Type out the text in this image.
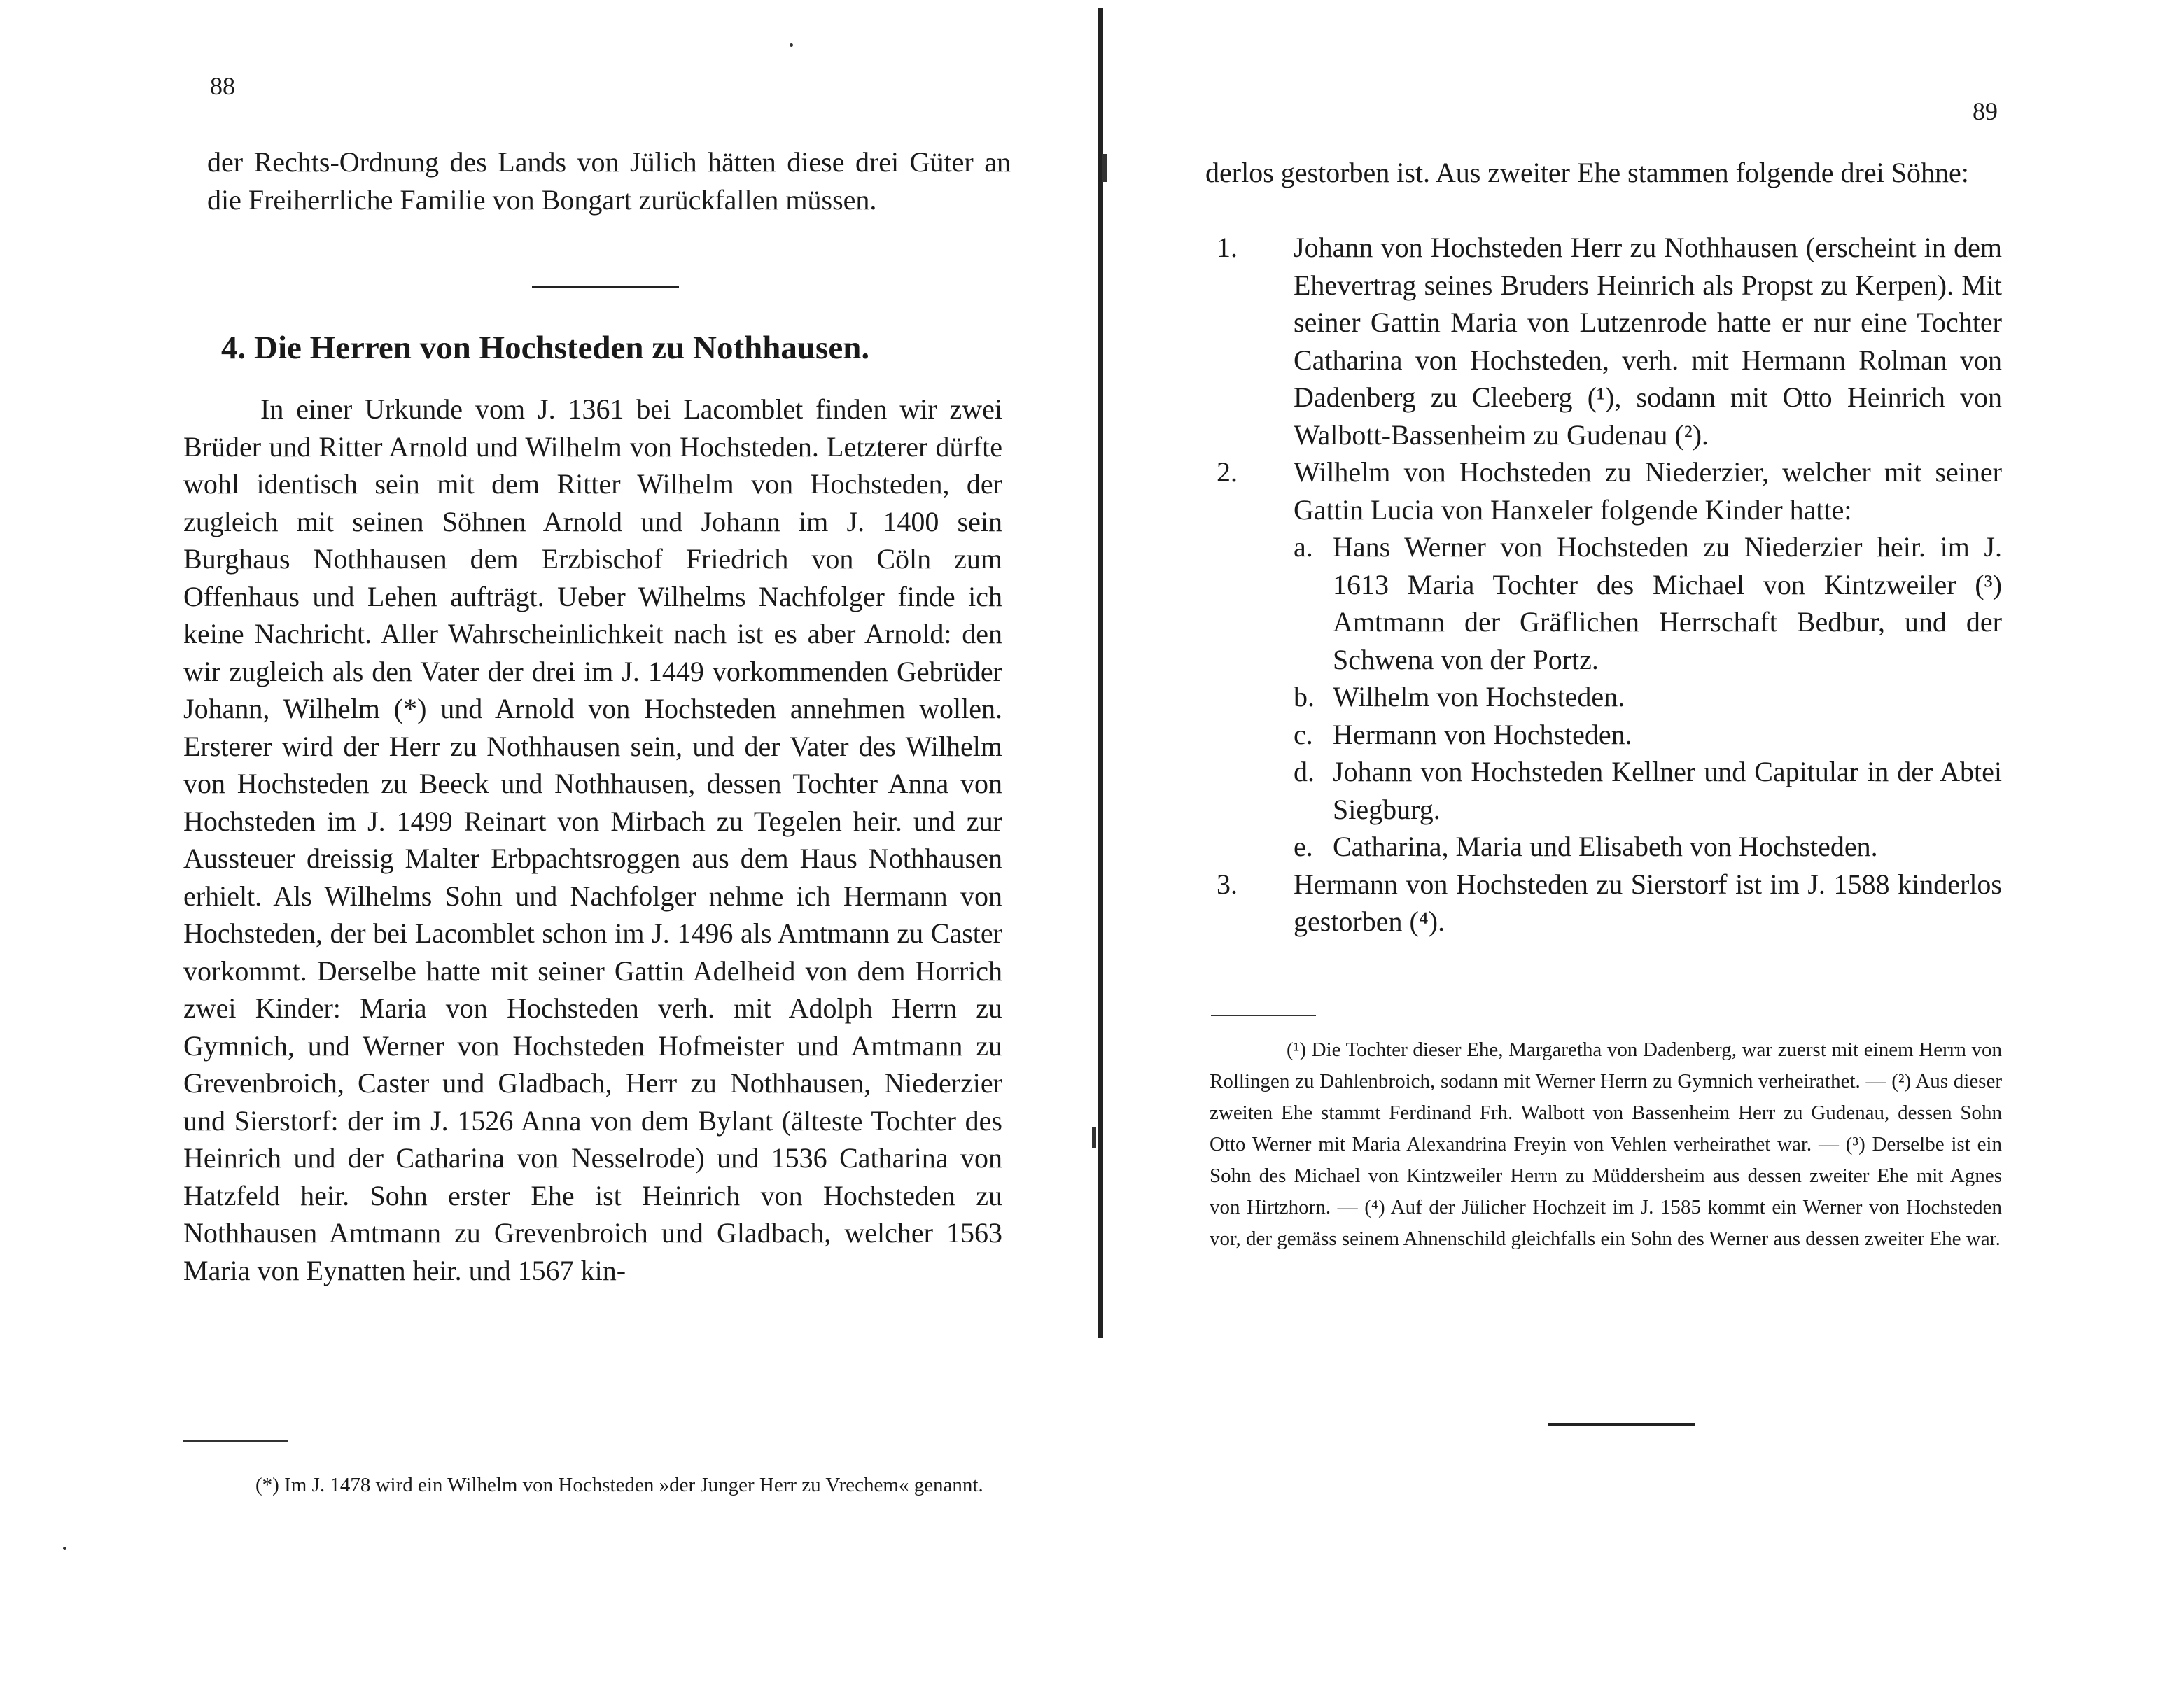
88

der Rechts-Ordnung des Lands von Jülich hätten diese drei Güter an die Freiherrliche Familie von Bongart zurückfallen müssen.

4. Die Herren von Hochsteden zu Nothhausen.

In einer Urkunde vom J. 1361 bei Lacomblet finden wir zwei Brüder und Ritter Arnold und Wilhelm von Hochsteden. Letzterer dürfte wohl identisch sein mit dem Ritter Wilhelm von Hochsteden, der zugleich mit seinen Söhnen Arnold und Johann im J. 1400 sein Burghaus Nothhausen dem Erzbischof Friedrich von Cöln zum Offenhaus und Lehen aufträgt. Ueber Wilhelms Nachfolger finde ich keine Nachricht. Aller Wahrscheinlichkeit nach ist es aber Arnold: den wir zugleich als den Vater der drei im J. 1449 vorkommenden Gebrüder Johann, Wilhelm (*) und Arnold von Hochsteden annehmen wollen. Ersterer wird der Herr zu Nothhausen sein, und der Vater des Wilhelm von Hochsteden zu Beeck und Nothhausen, dessen Tochter Anna von Hochsteden im J. 1499 Reinart von Mirbach zu Tegelen heir. und zur Aussteuer dreissig Malter Erbpachtsroggen aus dem Haus Nothhausen erhielt. Als Wilhelms Sohn und Nachfolger nehme ich Hermann von Hochsteden, der bei Lacomblet schon im J. 1496 als Amtmann zu Caster vorkommt. Derselbe hatte mit seiner Gattin Adelheid von dem Horrich zwei Kinder: Maria von Hochsteden verh. mit Adolph Herrn zu Gymnich, und Werner von Hochsteden Hofmeister und Amtmann zu Grevenbroich, Caster und Gladbach, Herr zu Nothhausen, Niederzier und Sierstorf: der im J. 1526 Anna von dem Bylant (älteste Tochter des Heinrich und der Catharina von Nesselrode) und 1536 Catharina von Hatzfeld heir. Sohn erster Ehe ist Heinrich von Hochsteden zu Nothhausen Amtmann zu Grevenbroich und Gladbach, welcher 1563 Maria von Eynatten heir. und 1567 kin-

(*) Im J. 1478 wird ein Wilhelm von Hochsteden »der Junger Herr zu Vrechem« genannt.

89

derlos gestorben ist. Aus zweiter Ehe stammen folgende drei Söhne:

1.	Johann von Hochsteden Herr zu Nothhausen (erscheint in dem Ehevertrag seines Bruders Heinrich als Propst zu Kerpen). Mit seiner Gattin Maria von Lutzenrode hatte er nur eine Tochter Catharina von Hochsteden, verh. mit Hermann Rolman von Dadenberg zu Cleeberg (¹), sodann mit Otto Heinrich von Walbott-Bassenheim zu Gudenau (²).
2.	Wilhelm von Hochsteden zu Niederzier, welcher mit seiner Gattin Lucia von Hanxeler folgende Kinder hatte:
a. Hans Werner von Hochsteden zu Niederzier heir. im J. 1613 Maria Tochter des Michael von Kintzweiler (³) Amtmann der Gräflichen Herrschaft Bedbur, und der Schwena von der Portz.
b. Wilhelm von Hochsteden.
c. Hermann von Hochsteden.
d. Johann von Hochsteden Kellner und Capitular in der Abtei Siegburg.
e. Catharina, Maria und Elisabeth von Hochsteden.
3.	Hermann von Hochsteden zu Sierstorf ist im J. 1588 kinderlos gestorben (⁴).

(¹) Die Tochter dieser Ehe, Margaretha von Dadenberg, war zuerst mit einem Herrn von Rollingen zu Dahlenbroich, sodann mit Werner Herrn zu Gymnich verheirathet. — (²) Aus dieser zweiten Ehe stammt Ferdinand Frh. Walbott von Bassenheim Herr zu Gudenau, dessen Sohn Otto Werner mit Maria Alexandrina Freyin von Vehlen verheirathet war. — (³) Derselbe ist ein Sohn des Michael von Kintzweiler Herrn zu Müddersheim aus dessen zweiter Ehe mit Agnes von Hirtzhorn. — (⁴) Auf der Jülicher Hochzeit im J. 1585 kommt ein Werner von Hochsteden vor, der gemäss seinem Ahnenschild gleichfalls ein Sohn des Werner aus dessen zweiter Ehe war.
